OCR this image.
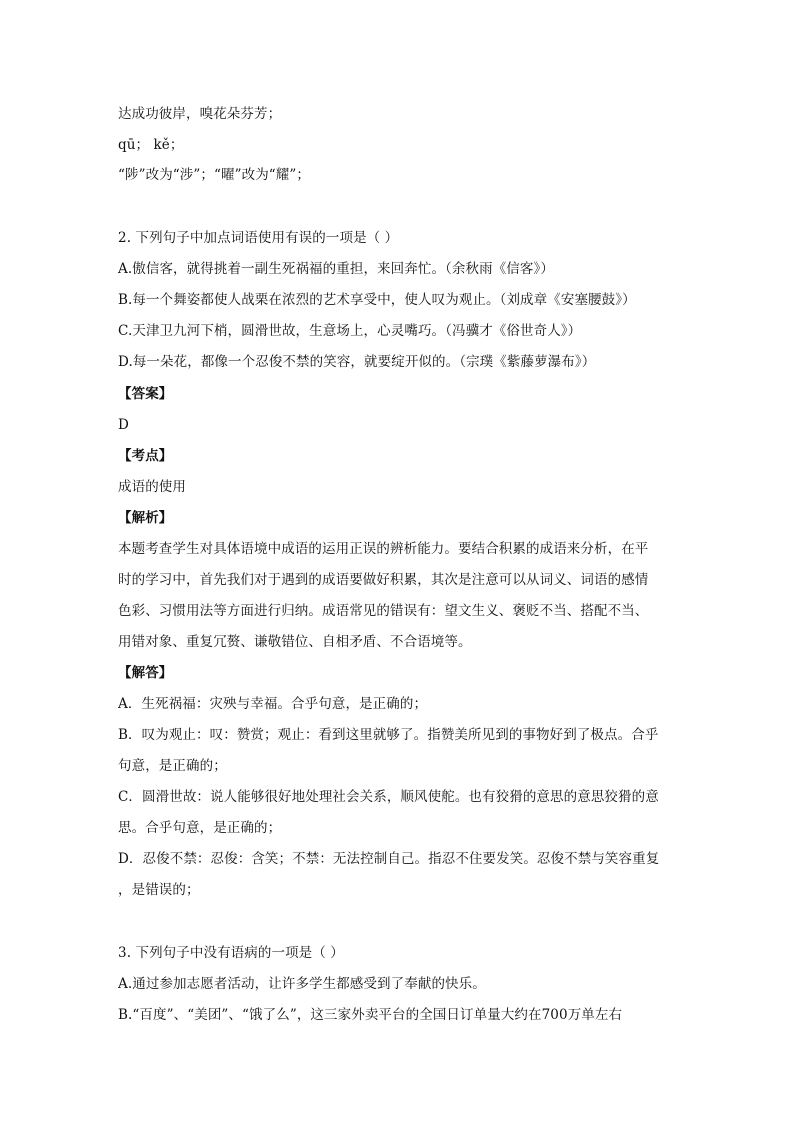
达成功彼岸，嗅花朵芬芳；
qū； kě；
“陟”改为“涉”；“曜”改为“耀”；
2. 下列句子中加点词语使用有误的一项是（ ）
A.傲信客，就得挑着一副生死祸福的重担，来回奔忙。（余秋雨《信客》）
B.每一个舞姿都使人战栗在浓烈的艺术享受中，使人叹为观止。（刘成章《安塞腰鼓》）
C.天津卫九河下梢，圆滑世故，生意场上，心灵嘴巧。（冯骥才《俗世奇人》）
D.每一朵花，都像一个忍俊不禁的笑容，就要绽开似的。（宗璞《紫藤萝瀑布》）
【答案】
D
【考点】
成语的使用
【解析】
本题考查学生对具体语境中成语的运用正误的辨析能力。要结合积累的成语来分析，在平
时的学习中，首先我们对于遇到的成语要做好积累，其次是注意可以从词义、词语的感情
色彩、习惯用法等方面进行归纳。成语常见的错误有：望文生义、褒贬不当、搭配不当、
用错对象、重复冗赘、谦敬错位、自相矛盾、不合语境等。
【解答】
A．生死祸福：灾殃与幸福。合乎句意，是正确的；
B．叹为观止：叹：赞赏；观止：看到这里就够了。指赞美所见到的事物好到了极点。合乎
句意，是正确的；
C．圆滑世故：说人能够很好地处理社会关系，顺风使舵。也有狡猾的意思的意思狡猾的意
思。合乎句意，是正确的；
D．忍俊不禁：忍俊：含笑；不禁：无法控制自己。指忍不住要发笑。忍俊不禁与笑容重复
，是错误的；
3. 下列句子中没有语病的一项是（ ）
A.通过参加志愿者活动，让许多学生都感受到了奉献的快乐。
B.“百度”、“美团”、“饿了么”，这三家外卖平台的全国日订单量大约在700万单左右
